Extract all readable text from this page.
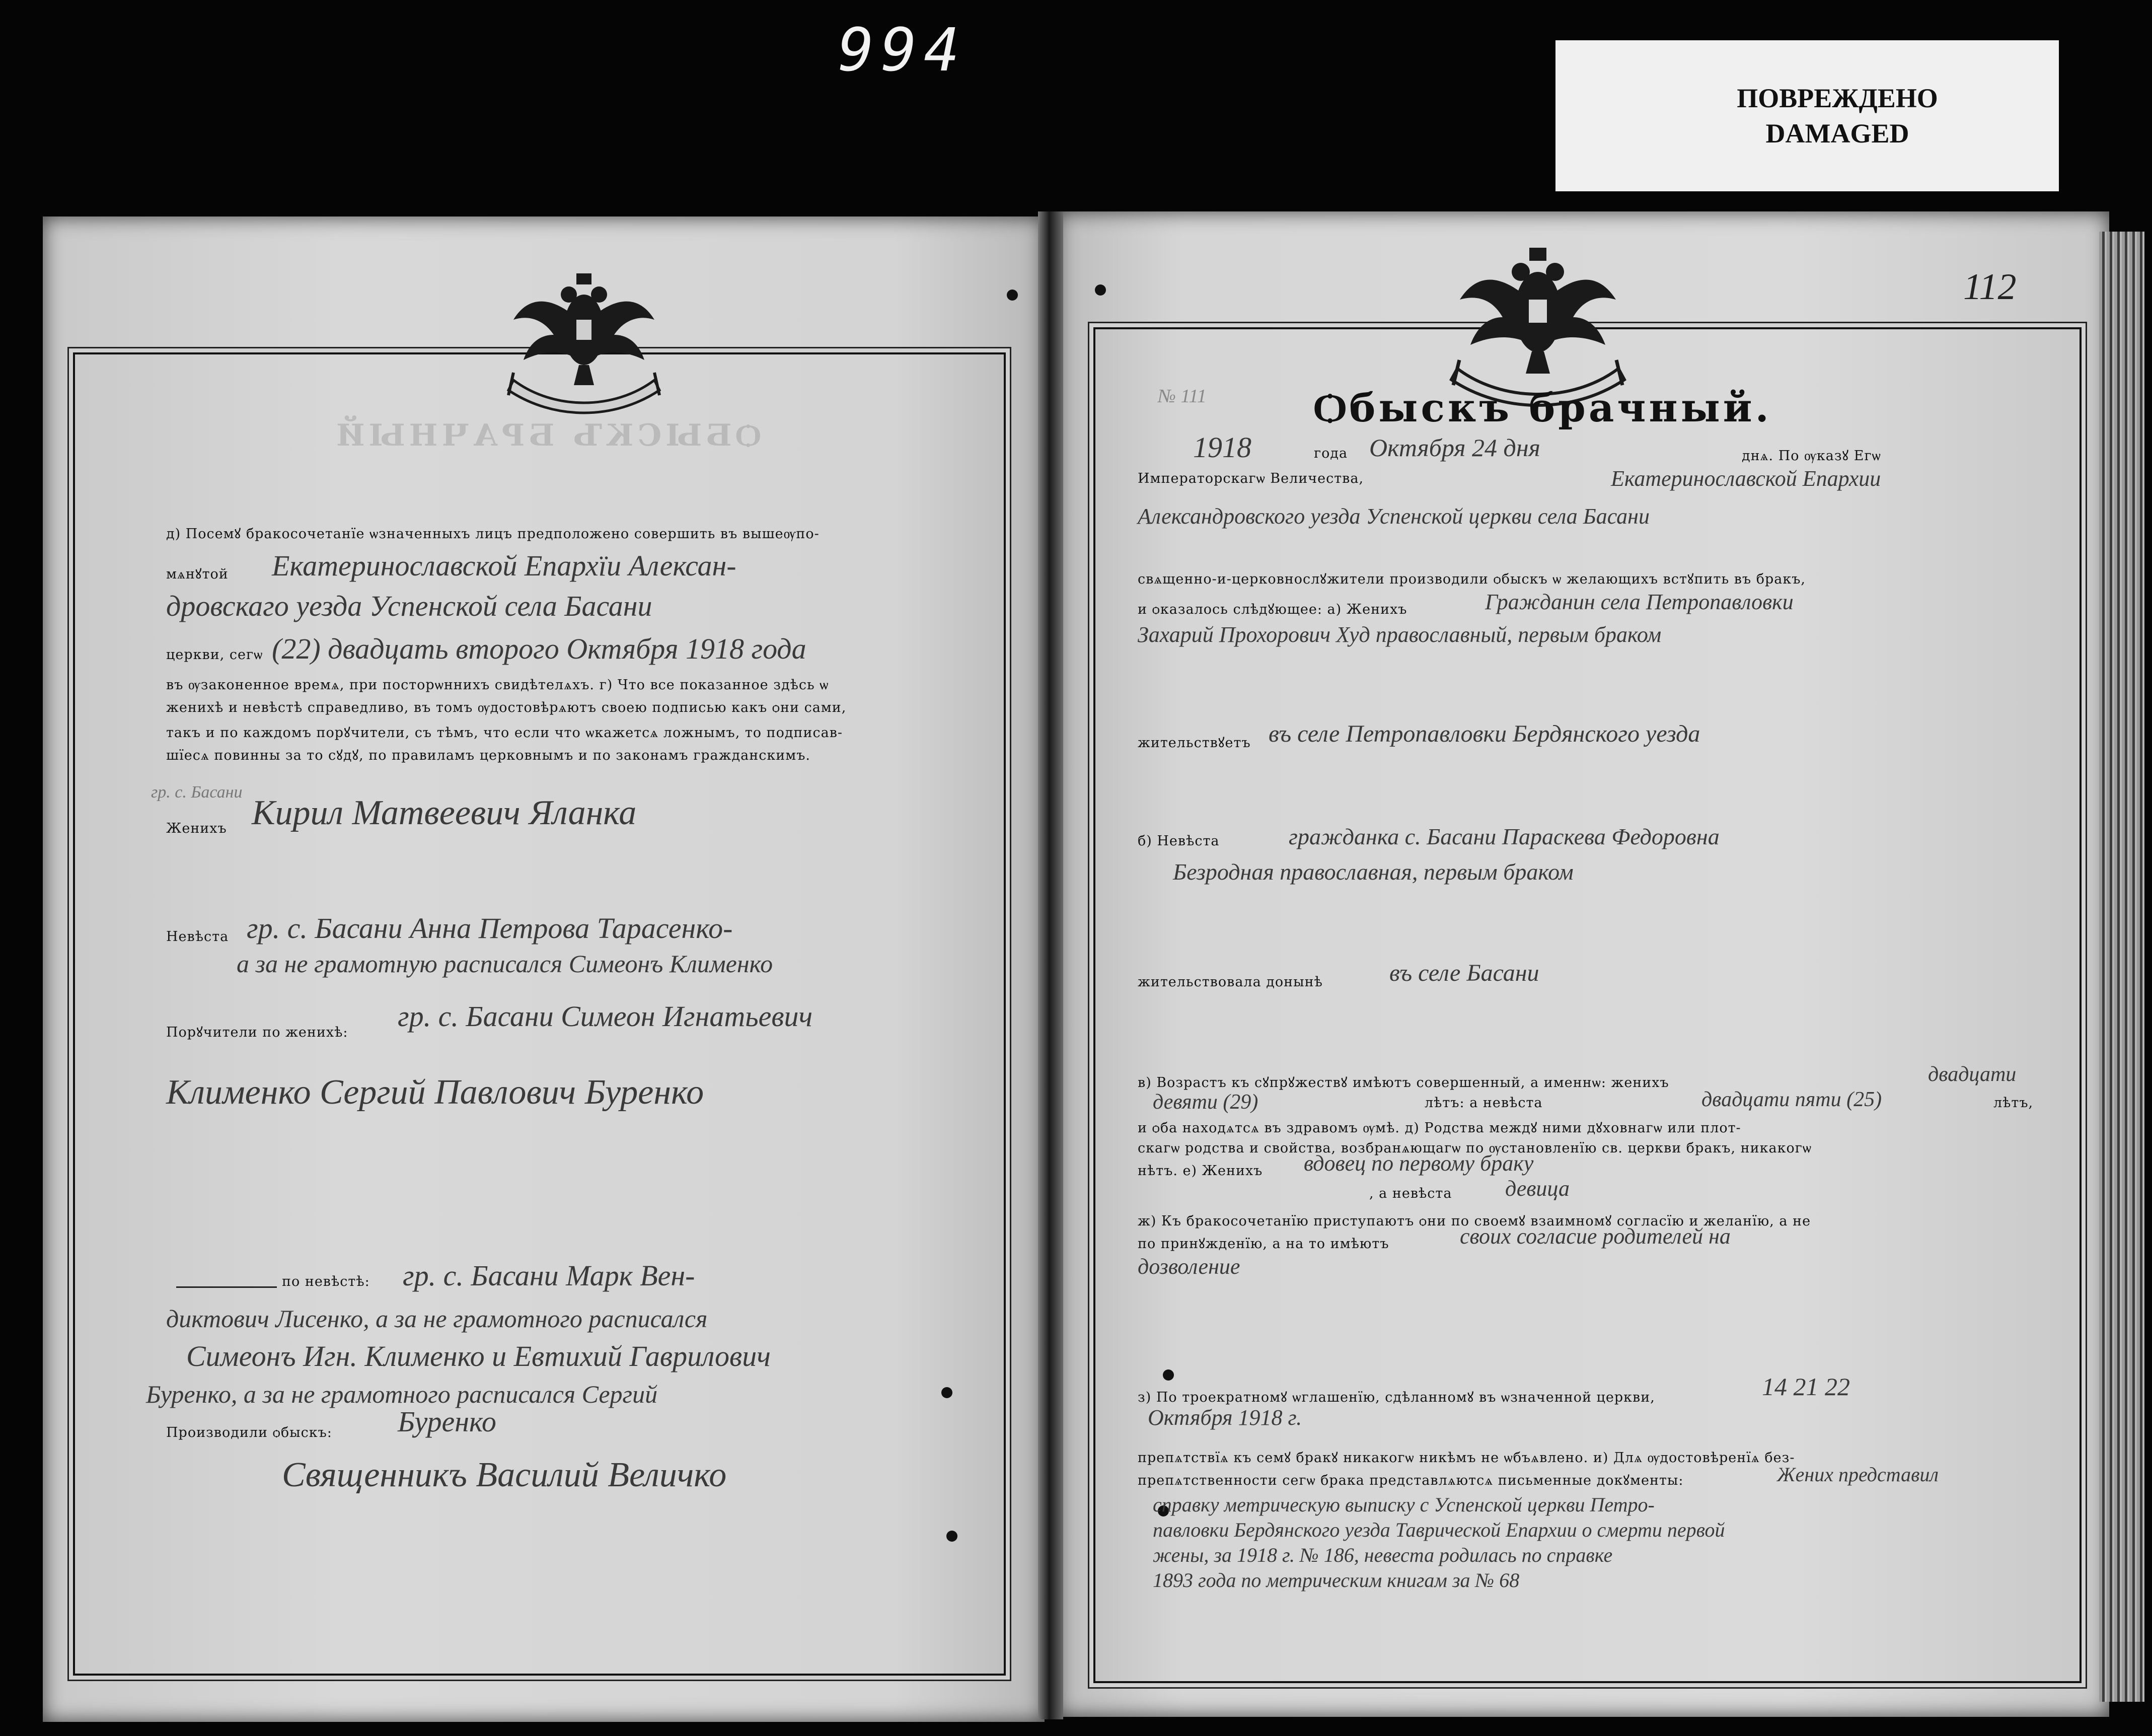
994
ПОВРЕЖДЕНО
DAMAGED
112
ѺБЫСКЪ БРАЧНЫЙ
д) Посемꙋ бракосочетанїе ѡзначенныхъ лицъ предположено совершить въ вышеѹпо-
мѧнꙋтой Екатеринославской Епархїи Алексан-
дровскаго уезда Успенской села Басани
церкви, сегѡ (22) двадцать второго Октября 1918 года
въ ѹзаконенное времѧ, при посторѡннихъ свидѣтелѧхъ. г) Что все показанное здѣсь ѡ
женихѣ и невѣстѣ справедливо, въ томъ ѹдостовѣрѧютъ своею подписью какъ ѻни сами,
такъ и по каждомъ порꙋчители, съ тѣмъ, что если что ѡкажетсѧ ложнымъ, то подписав-
шїесѧ повинны за то сꙋдꙋ, по правиламъ церковнымъ и по законамъ гражданскимъ.
гр. с. Басани
Женихъ Кирил Матвеевич Яланка
Невѣста гр. с. Басани Анна Петрова Тарасенко-
а за не грамотную расписался Симеонъ Клименко
Порꙋчители по женихѣ: гр. с. Басани Симеон Игнатьевич
Клименко Сергий Павлович Буренко
по невѣстѣ: гр. с. Басани Марк Вен-
диктович Лисенко, а за не грамотного расписался
Симеонъ Игн. Клименко и Евтихий Гаврилович
Буренко, а за не грамотного расписался Сергий
Производили ѻбыскъ: Буренко
Священникъ Василий Величко
№ 111	Ѻбыскъ брачный.
1918	года Октября 24 дня	днѧ. По ѹказꙋ Егѡ
Императорскагѡ Величества,	Екатеринославской Епархии
Александровского уезда Успенской церкви села Басани
свѧщенно-и-церковнослꙋжители производили ѻбыскъ ѡ желающихъ встꙋпить въ бракъ,
и ѻказалось слѣдꙋющее: а) Женихъ	Гражданин села Петропавловки
Захарий Прохорович Худ православный, первым браком
жительствꙋетъ въ селе Петропавловки Бердянского уезда
б) Невѣста	гражданка с. Басани Параскева Федоровна
Безродная православная, первым браком
жительствовала донынѣ	въ селе Басани
в) Возрастъ къ сꙋпрꙋжествꙋ имѣютъ совершенный, а именнѡ: женихъ	двадцати
девяти (29)	лѣтъ: а невѣста	двадцати пяти (25)	лѣтъ,
и ѻба находѧтсѧ въ здравомъ ѹмѣ. д) Родства междꙋ ними дꙋховнагѡ или плот-
скагѡ родства и свойства, возбранѧющагѡ по ѹстановленїю св. церкви бракъ, никакогѡ
нѣтъ. е) Женихъ вдовец по первому браку
, а невѣста девица
ж) Къ бракосочетанїю приступаютъ ѻни по своемꙋ взаимномꙋ согласїю и желанїю, а не
по принꙋжденїю, а на то имѣютъ	своих согласие родителей на
дозволение
з) По троекратномꙋ ѡглашенїю, сдѣланномꙋ въ ѡзначенной церкви,	14 21 22
Октября 1918 г.
препѧтствїѧ къ семꙋ бракꙋ никакогѡ никѣмъ не ѡбъѧвлено. и) Длѧ ѹдостовѣренїѧ без-
препѧтственности сегѡ брака представлѧютсѧ письменные докꙋменты:	Жених представил
справку метрическую выписку с Успенской церкви Петро-
павловки Бердянского уезда Таврической Епархии о смерти первой
жены, за 1918 г. № 186, невеста родилась по справке
1893 года по метрическим книгам за № 68
